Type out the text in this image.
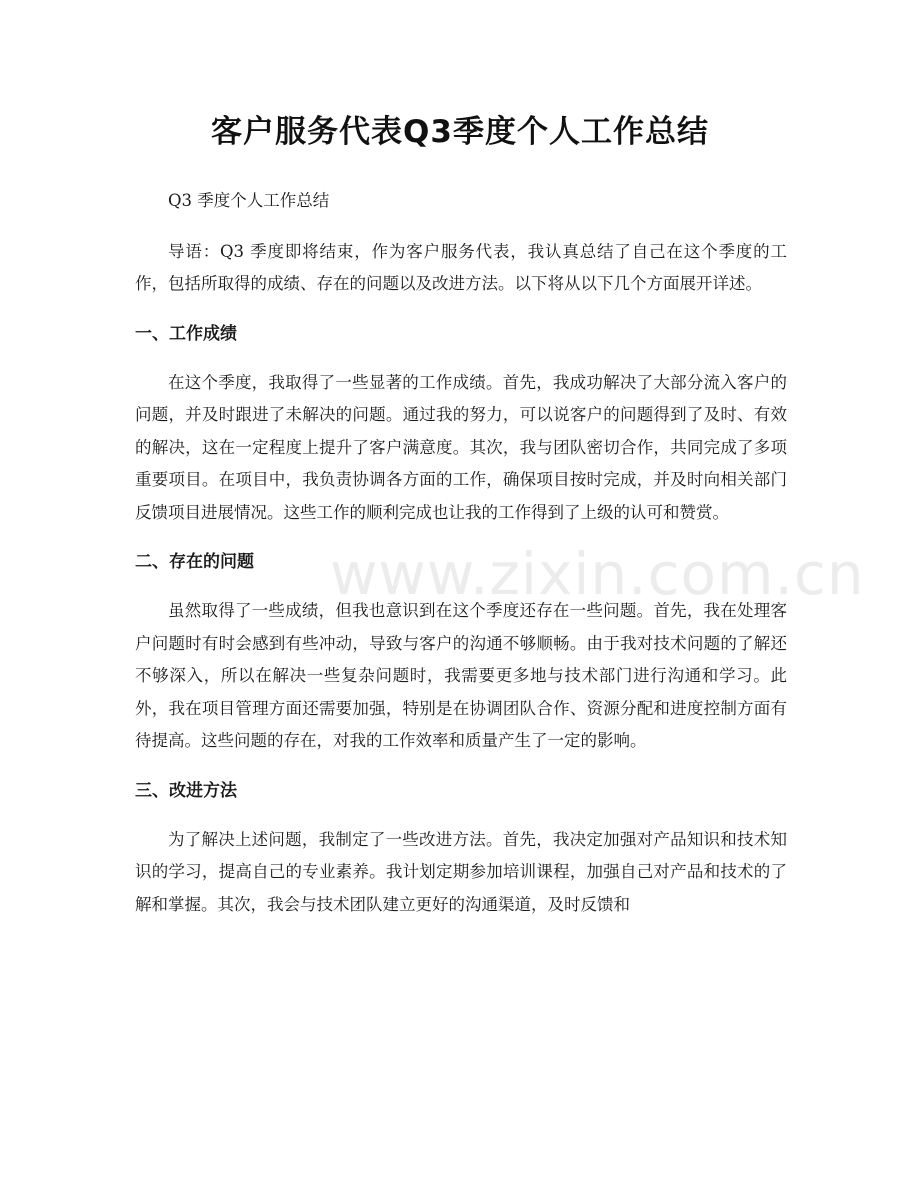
客户服务代表Q3季度个人工作总结

Q3 季度个人工作总结

导语：Q3 季度即将结束，作为客户服务代表，我认真总结了自己在这个季度的工作，包括所取得的成绩、存在的问题以及改进方法。以下将从以下几个方面展开详述。

一、工作成绩

在这个季度，我取得了一些显著的工作成绩。首先，我成功解决了大部分流入客户的问题，并及时跟进了未解决的问题。通过我的努力，可以说客户的问题得到了及时、有效的解决，这在一定程度上提升了客户满意度。其次，我与团队密切合作，共同完成了多项重要项目。在项目中，我负责协调各方面的工作，确保项目按时完成，并及时向相关部门反馈项目进展情况。这些工作的顺利完成也让我的工作得到了上级的认可和赞赏。

二、存在的问题

虽然取得了一些成绩，但我也意识到在这个季度还存在一些问题。首先，我在处理客户问题时有时会感到有些冲动，导致与客户的沟通不够顺畅。由于我对技术问题的了解还不够深入，所以在解决一些复杂问题时，我需要更多地与技术部门进行沟通和学习。此外，我在项目管理方面还需要加强，特别是在协调团队合作、资源分配和进度控制方面有待提高。这些问题的存在，对我的工作效率和质量产生了一定的影响。

三、改进方法

为了解决上述问题，我制定了一些改进方法。首先，我决定加强对产品知识和技术知识的学习，提高自己的专业素养。我计划定期参加培训课程，加强自己对产品和技术的了解和掌握。其次，我会与技术团队建立更好的沟通渠道，及时反馈和

www.zixin.com.cn
